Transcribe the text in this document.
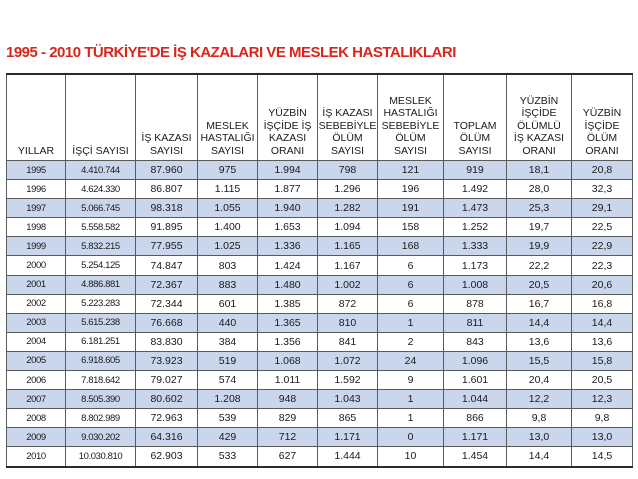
1995 - 2010 TÜRKİYE'DE İŞ KAZALARI VE MESLEK HASTALIKLARI
YILLAR	İŞÇİ SAYISI	İŞ KAZASI
SAYISI	MESLEK
HASTALIĞI
SAYISI	YÜZBİN
İŞÇİDE İŞ
KAZASI
ORANI	İŞ KAZASI
SEBEBİYLE
ÖLÜM
SAYISI	MESLEK
HASTALIĞI
SEBEBİYLE
ÖLÜM
SAYISI	TOPLAM
ÖLÜM
SAYISI	YÜZBİN
İŞÇİDE
ÖLÜMLÜ
İŞ KAZASI
ORANI	YÜZBİN
İŞÇİDE
ÖLÜM
ORANI

1995	4.410.744	87.960	975	1.994	798	121	919	18,1	20,8
1996	4.624.330	86.807	1.115	1.877	1.296	196	1.492	28,0	32,3
1997	5.066.745	98.318	1.055	1.940	1.282	191	1.473	25,3	29,1
1998	5.558.582	91.895	1.400	1.653	1.094	158	1.252	19,7	22,5
1999	5.832.215	77.955	1.025	1.336	1.165	168	1.333	19,9	22,9
2000	5.254.125	74.847	803	1.424	1.167	6	1.173	22,2	22,3
2001	4.886.881	72.367	883	1.480	1.002	6	1.008	20,5	20,6
2002	5.223.283	72.344	601	1.385	872	6	878	16,7	16,8
2003	5.615.238	76.668	440	1.365	810	1	811	14,4	14,4
2004	6.181.251	83.830	384	1.356	841	2	843	13,6	13,6
2005	6.918.605	73.923	519	1.068	1.072	24	1.096	15,5	15,8
2006	7.818.642	79.027	574	1.011	1.592	9	1.601	20,4	20,5
2007	8.505.390	80.602	1.208	948	1.043	1	1.044	12,2	12,3
2008	8.802.989	72.963	539	829	865	1	866	9,8	9,8
2009	9.030.202	64.316	429	712	1.171	0	1.171	13,0	13,0
2010	10.030.810	62.903	533	627	1.444	10	1.454	14,4	14,5
